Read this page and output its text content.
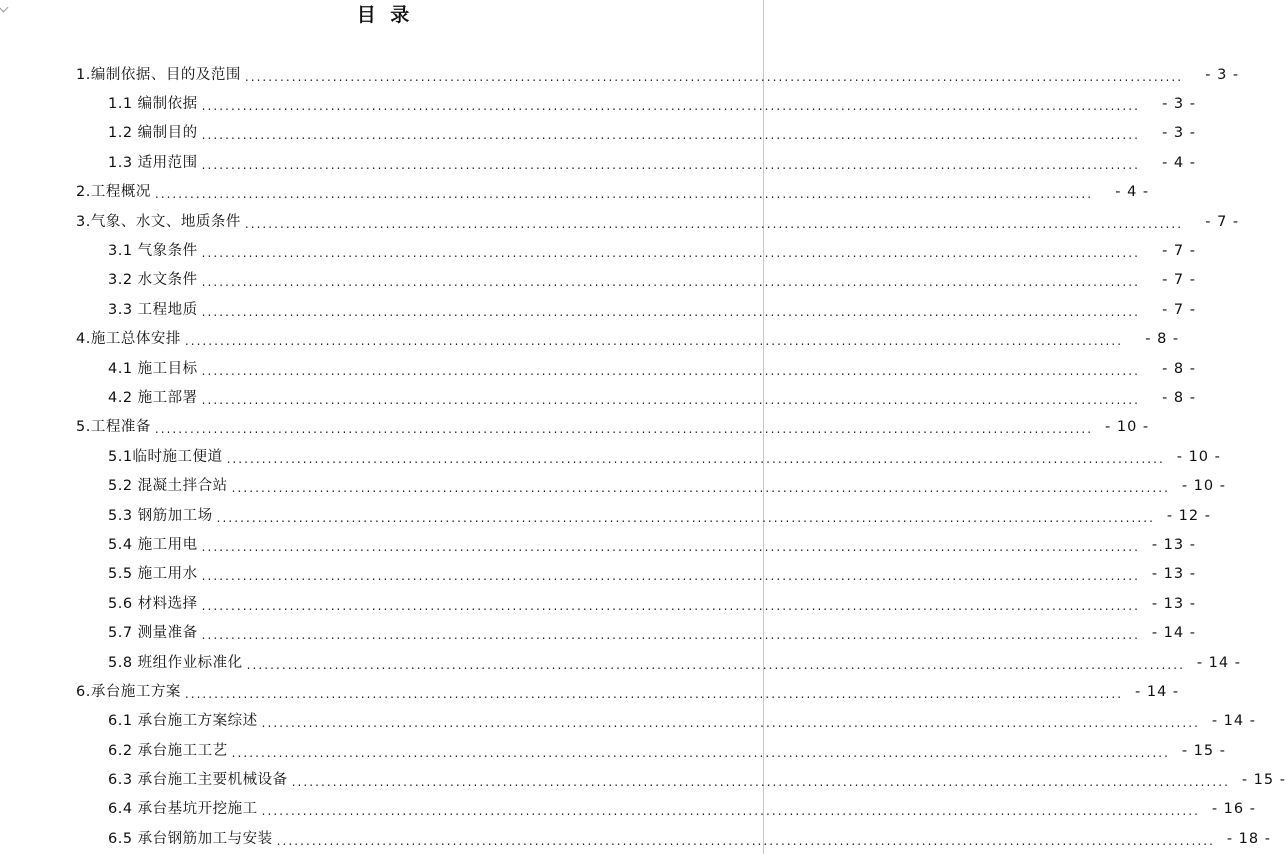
目 录
1.编制依据、目的及范围 ................................................................................................................................................................	- 3 -
1.1 编制依据 ................................................................................................................................................................	- 3 -
1.2 编制目的 ................................................................................................................................................................	- 3 -
1.3 适用范围 ................................................................................................................................................................	- 4 -
2.工程概况 ................................................................................................................................................................	- 4 -
3.气象、水文、地质条件 ................................................................................................................................................................	- 7 -
3.1 气象条件 ................................................................................................................................................................	- 7 -
3.2 水文条件 ................................................................................................................................................................	- 7 -
3.3 工程地质 ................................................................................................................................................................	- 7 -
4.施工总体安排 ................................................................................................................................................................	- 8 -
4.1 施工目标 ................................................................................................................................................................	- 8 -
4.2 施工部署 ................................................................................................................................................................	- 8 -
5.工程准备 ................................................................................................................................................................ - 10 -
5.1临时施工便道 ................................................................................................................................................................ - 10 -
5.2 混凝土拌合站 ................................................................................................................................................................ - 10 -
5.3 钢筋加工场 ................................................................................................................................................................ - 12 -
5.4 施工用电 ................................................................................................................................................................ - 13 -
5.5 施工用水 ................................................................................................................................................................ - 13 -
5.6 材料选择 ................................................................................................................................................................ - 13 -
5.7 测量准备 ................................................................................................................................................................ - 14 -
5.8 班组作业标准化 ................................................................................................................................................................ - 14 -
6.承台施工方案 ................................................................................................................................................................ - 14 -
6.1 承台施工方案综述 ................................................................................................................................................................ - 14 -
6.2 承台施工工艺 ................................................................................................................................................................ - 15 -
6.3 承台施工主要机械设备 ................................................................................................................................................................ - 15 -
6.4 承台基坑开挖施工 ................................................................................................................................................................ - 16 -
6.5 承台钢筋加工与安装 ................................................................................................................................................................ - 18 -
